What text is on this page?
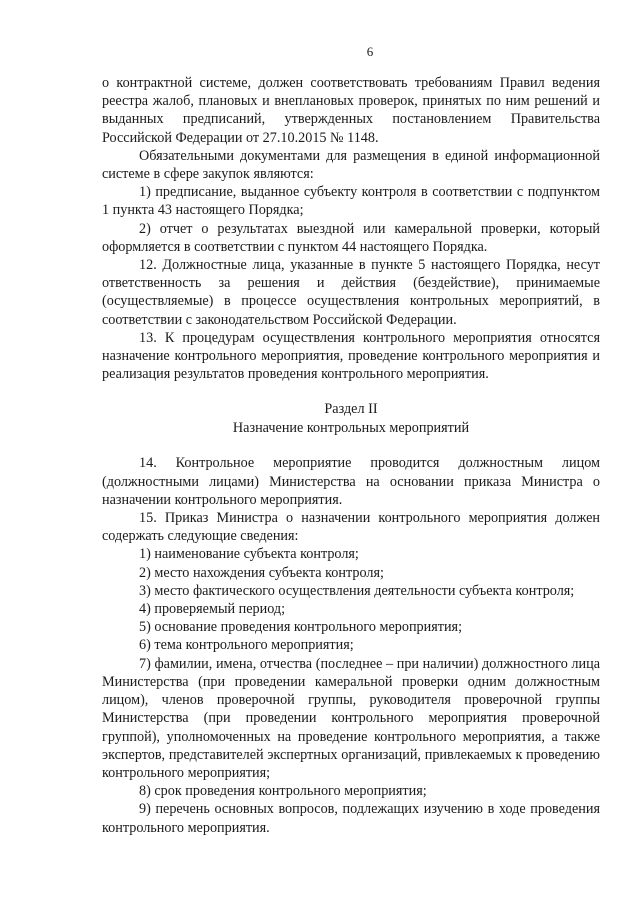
6

о контрактной системе, должен соответствовать требованиям Правил ведения реестра жалоб, плановых и внеплановых проверок, принятых по ним решений и выданных предписаний, утвержденных постановлением Правительства Российской Федерации от 27.10.2015 № 1148.

Обязательными документами для размещения в единой информационной системе в сфере закупок являются:

1) предписание, выданное субъекту контроля в соответствии с подпунктом 1 пункта 43 настоящего Порядка;

2) отчет о результатах выездной или камеральной проверки, который оформляется в соответствии с пунктом 44 настоящего Порядка.

12. Должностные лица, указанные в пункте 5 настоящего Порядка, несут ответственность за решения и действия (бездействие), принимаемые (осуществляемые) в процессе осуществления контрольных мероприятий, в соответствии с законодательством Российской Федерации.

13. К процедурам осуществления контрольного мероприятия относятся назначение контрольного мероприятия, проведение контрольного мероприятия и реализация результатов проведения контрольного мероприятия.

Раздел II
Назначение контрольных мероприятий

14. Контрольное мероприятие проводится должностным лицом (должностными лицами) Министерства на основании приказа Министра о назначении контрольного мероприятия.

15. Приказ Министра о назначении контрольного мероприятия должен содержать следующие сведения:

1) наименование субъекта контроля;

2) место нахождения субъекта контроля;

3) место фактического осуществления деятельности субъекта контроля;

4) проверяемый период;

5) основание проведения контрольного мероприятия;

6) тема контрольного мероприятия;

7) фамилии, имена, отчества (последнее – при наличии) должностного лица Министерства (при проведении камеральной проверки одним должностным лицом), членов проверочной группы, руководителя проверочной группы Министерства (при проведении контрольного мероприятия проверочной группой), уполномоченных на проведение контрольного мероприятия, а также экспертов, представителей экспертных организаций, привлекаемых к проведению контрольного мероприятия;

8) срок проведения контрольного мероприятия;

9) перечень основных вопросов, подлежащих изучению в ходе проведения контрольного мероприятия.
